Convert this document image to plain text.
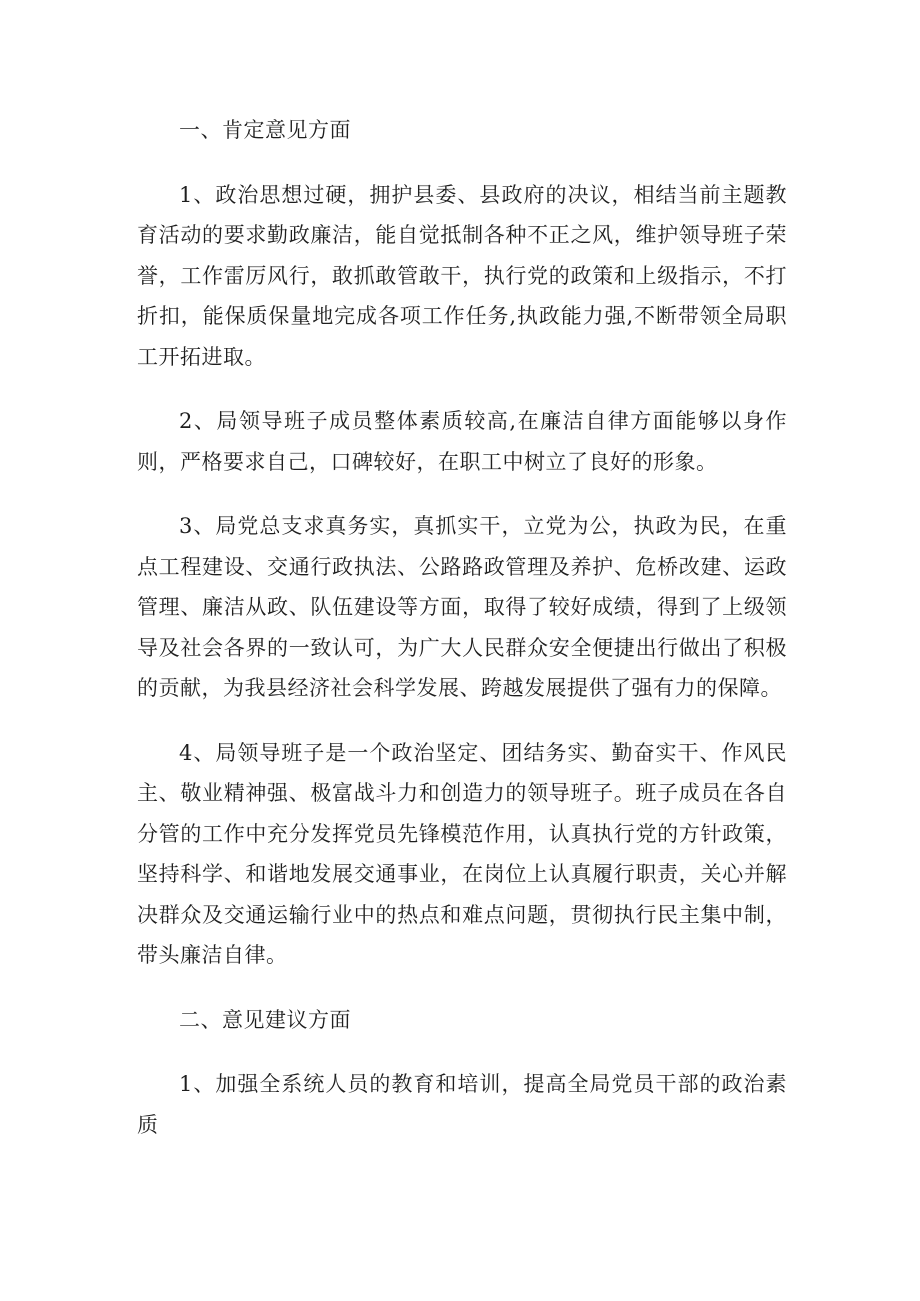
一、肯定意见方面

1、政治思想过硬，拥护县委、县政府的决议，相结当前主题教育活动的要求勤政廉洁，能自觉抵制各种不正之风，维护领导班子荣誉，工作雷厉风行，敢抓敢管敢干，执行党的政策和上级指示，不打折扣，能保质保量地完成各项工作任务,执政能力强,不断带领全局职工开拓进取。

2、局领导班子成员整体素质较高,在廉洁自律方面能够以身作则，严格要求自己，口碑较好，在职工中树立了良好的形象。

3、局党总支求真务实，真抓实干，立党为公，执政为民，在重点工程建设、交通行政执法、公路路政管理及养护、危桥改建、运政管理、廉洁从政、队伍建设等方面，取得了较好成绩，得到了上级领导及社会各界的一致认可，为广大人民群众安全便捷出行做出了积极的贡献，为我县经济社会科学发展、跨越发展提供了强有力的保障。

4、局领导班子是一个政治坚定、团结务实、勤奋实干、作风民主、敬业精神强、极富战斗力和创造力的领导班子。班子成员在各自分管的工作中充分发挥党员先锋模范作用，认真执行党的方针政策，坚持科学、和谐地发展交通事业，在岗位上认真履行职责，关心并解决群众及交通运输行业中的热点和难点问题，贯彻执行民主集中制，带头廉洁自律。

二、意见建议方面

1、加强全系统人员的教育和培训，提高全局党员干部的政治素质
